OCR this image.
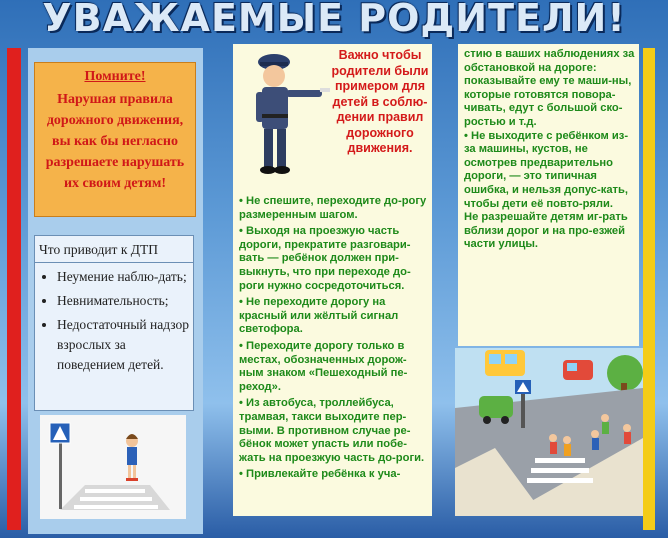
УВАЖАЕМЫЕ РОДИТЕЛИ!
Помните!
Нарушая правила дорожного движения, вы как бы негласно разрешаете нарушать их своим детям!
Что приводит к ДТП
• Неумение наблю-дать;
• Невнимательность;
• Недостаточный надзор взрослых за поведением детей.
Важно чтобы родители были примером для детей в соблю-дении правил дорожного движения.

• Не спешите, переходите до-рогу размеренным шагом.

• Выходя на проезжую часть дороги, прекратите разговари-вать — ребёнок должен при-выкнуть, что при переходе до-роги нужно сосредоточиться.

• Не переходите дорогу на красный или жёлтый сигнал светофора.

• Переходите дорогу только в местах, обозначенных дорож-ным знаком «Пешеходный пе-реход».

• Из автобуса, троллейбуса, трамвая, такси выходите пер-выми. В противном случае ре-бёнок может упасть или побе-жать на проезжую часть до-роги.

• Привлекайте ребёнка к уча-

стию в ваших наблюдениях за обстановкой на дороге: показывайте ему те маши-ны,

которые готовятся повора-чивать, едут с большой ско-ростью и т.д.

• Не выходите с ребёнком из-за машины, кустов, не осмотрев предварительно дороги, — это типичная ошибка, и нельзя допус-кать, чтобы дети её повто-ряли.

Не разрешайте детям иг-рать вблизи дорог и на про-езжей части улицы.
